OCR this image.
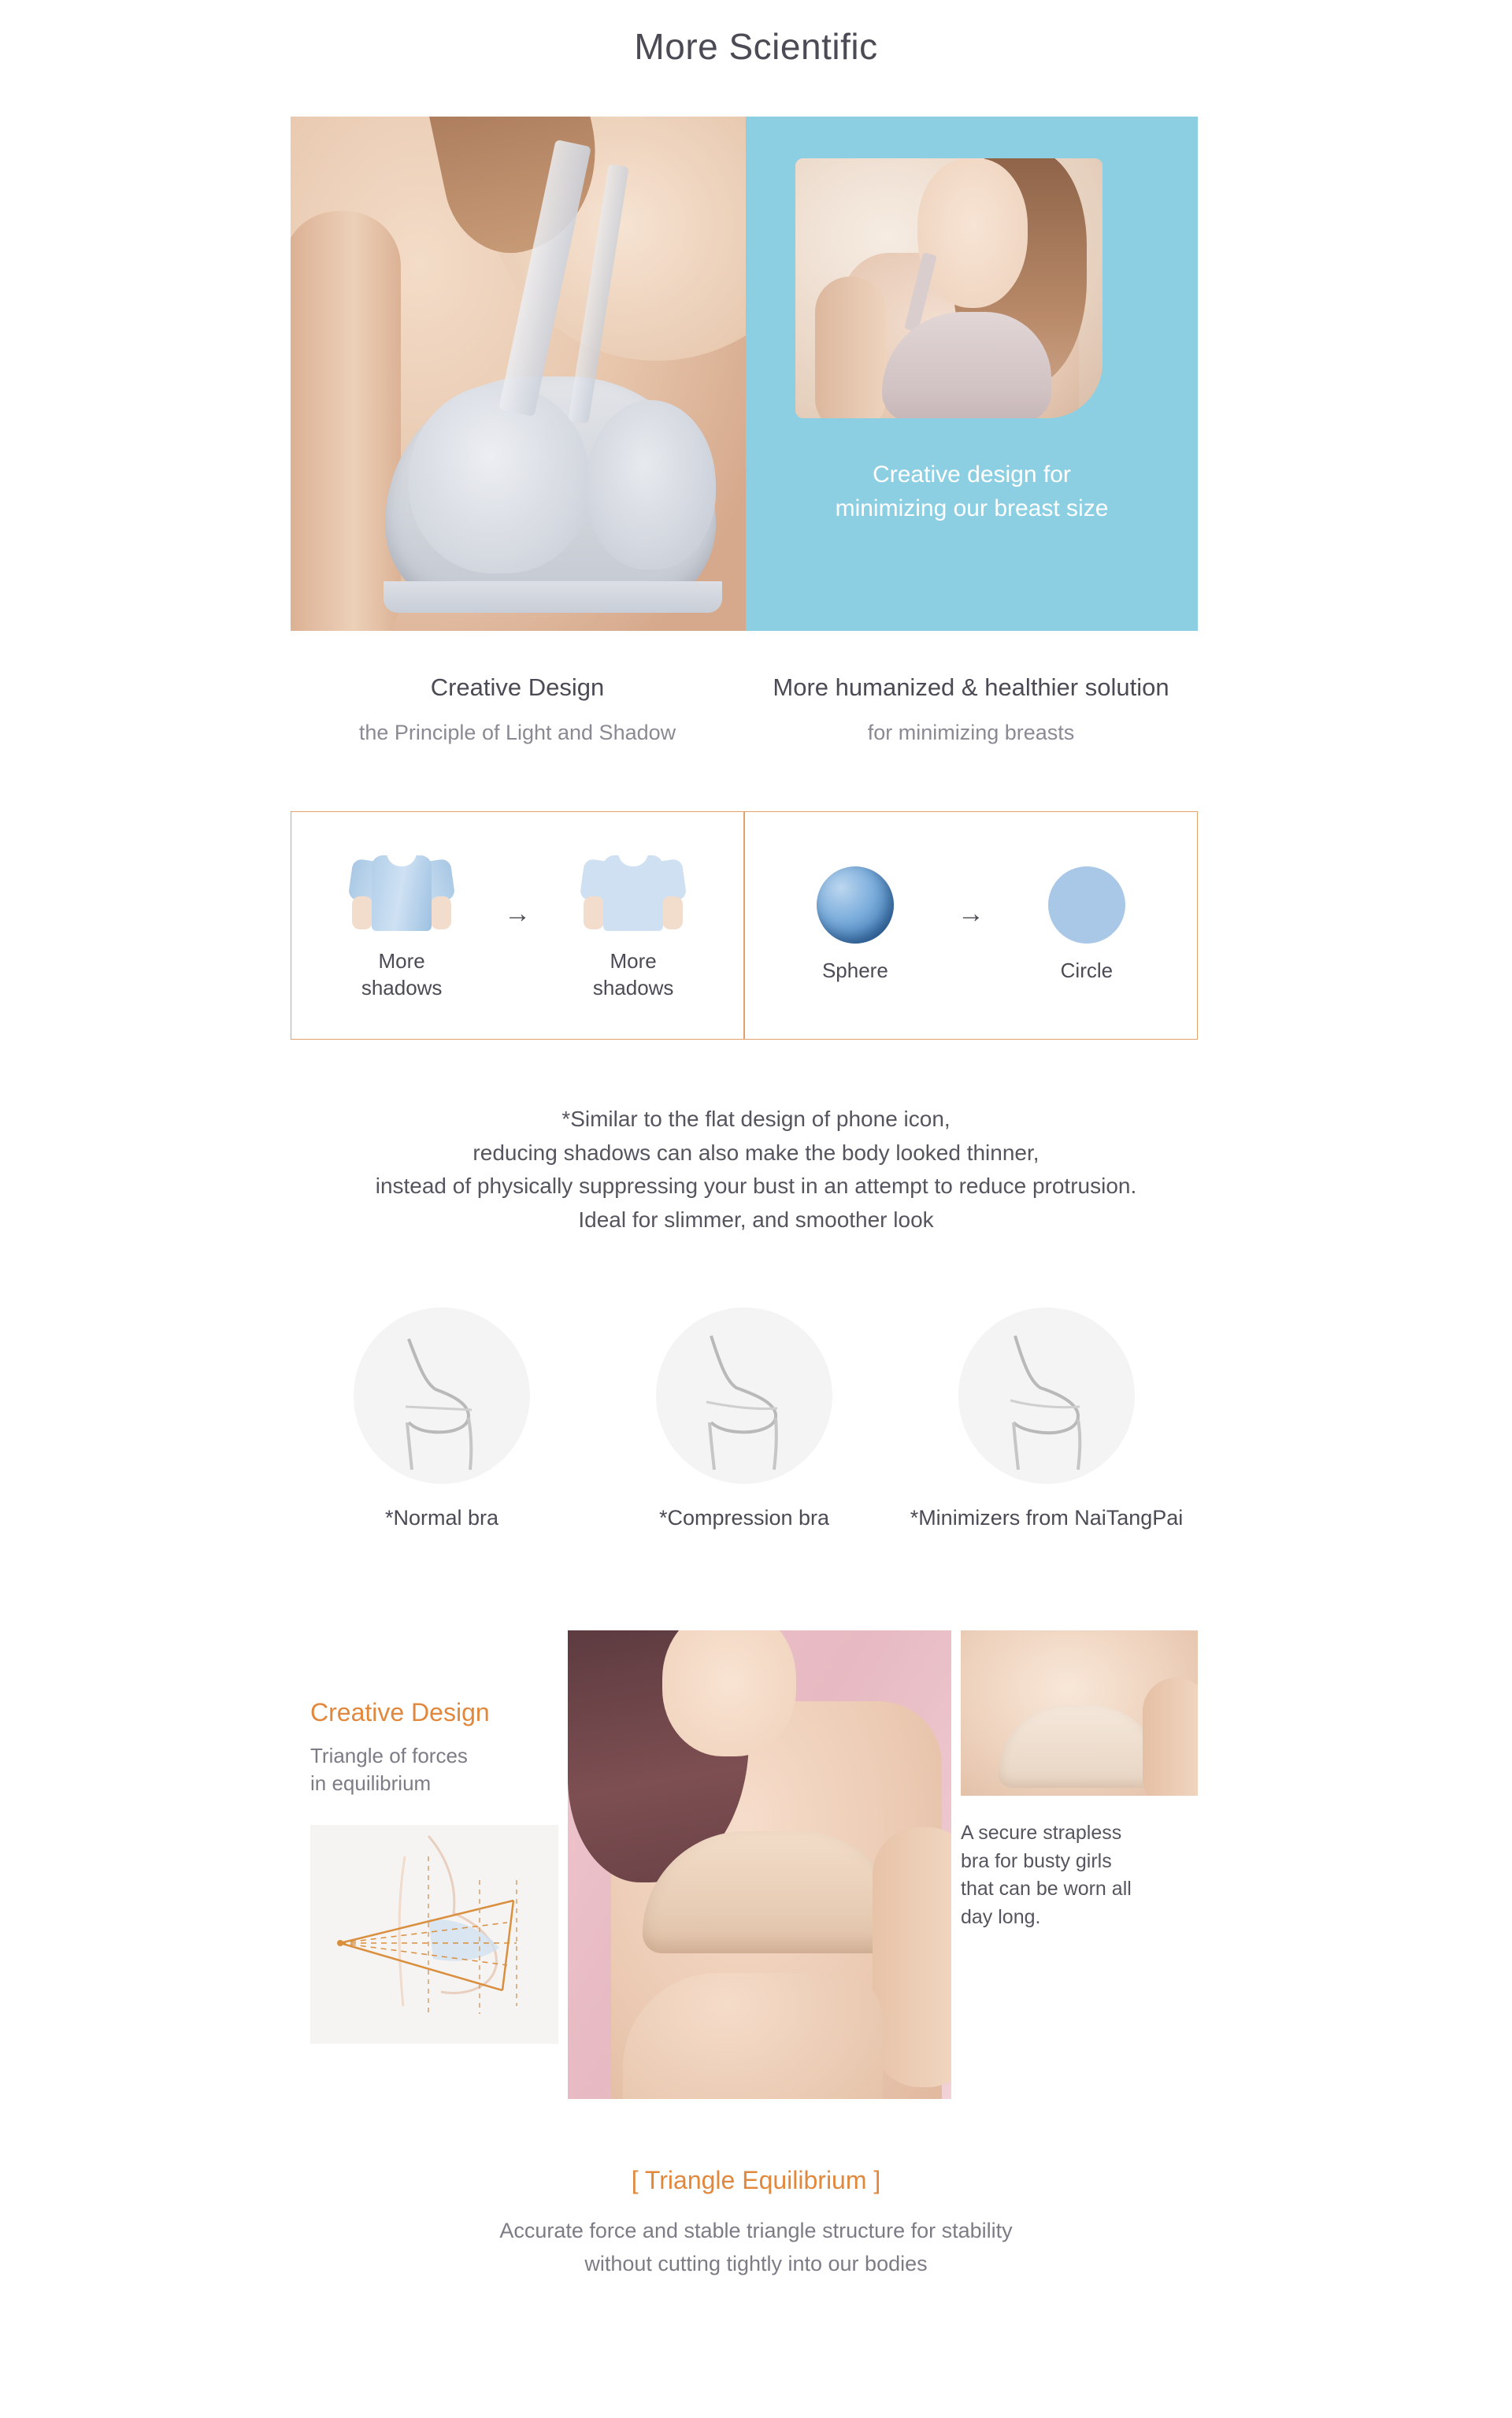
More Scientific
Creative design for
minimizing our breast size
Creative Design
the Principle of Light and Shadow
More humanized & healthier solution
for minimizing breasts
More
shadows
→
More
shadows
Sphere
→
Circle
*Similar to the flat design of phone icon,
reducing shadows can also make the body looked thinner,
instead of physically suppressing your bust in an attempt to reduce protrusion.
Ideal for slimmer, and smoother look
*Normal bra	*Compression bra	*Minimizers from NaiTangPai
Creative Design
Triangle of forces
in equilibrium
A secure strapless
bra for busty girls
that can be worn all
day long.
[ Triangle Equilibrium ]
Accurate force and stable triangle structure for stability
without cutting tightly into our bodies
